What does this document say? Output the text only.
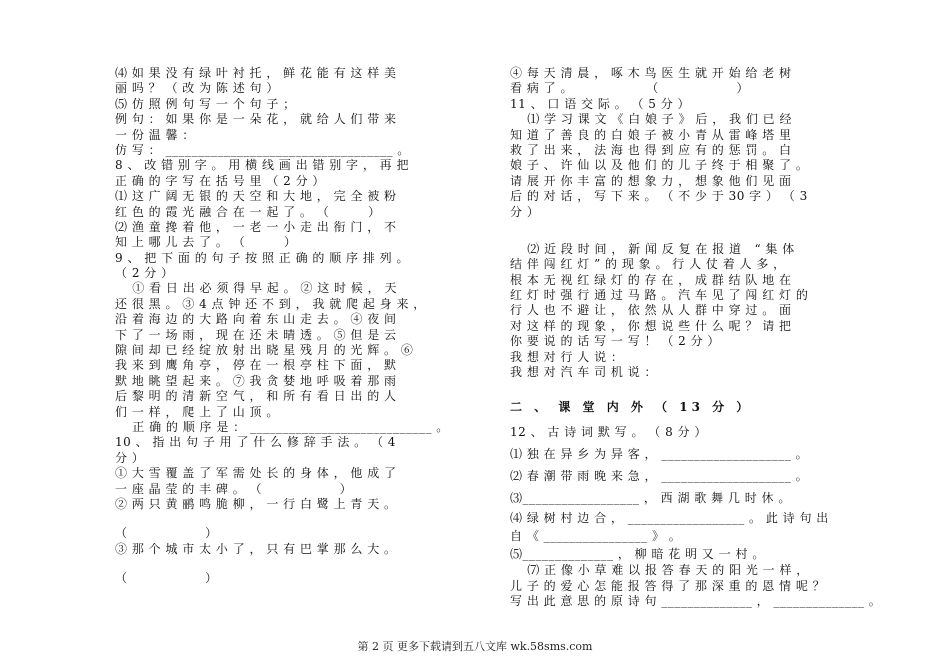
⑷ 如 果 没 有 绿 叶 衬 托 ， 鲜 花 能 有 这 样 美
丽 吗 ？ （ 改 为 陈 述 句 ）
⑸ 仿 照 例 句 写 一 个 句 子 ；
例 句 ： 如 果 你 是 一 朵 花 ， 就 给 人 们 带 来
一 份 温 馨 ：
仿 写 ： ___________________________________ 。
8 、 改 错 别 字 。 用 横 线 画 出 错 别 字 ， 再 把
正 确 的 字 写 在 括 号 里 （ 2 分 ）
⑴ 这 广 阔 无 银 的 天 空 和 大 地 ， 完 全 被 粉
红 色 的 霞 光 融 合 在 一 起 了 。 （         ）
⑵ 渔 童 搀 着 他 ， 一 老 一 小 走 出 衔 门 ， 不
知 上 哪 儿 去 了 。 （         ）
9 、 把 下 面 的 句 子 按 照 正 确 的 顺 序 排 列 。
（ 2 分 ）
① 看 日 出 必 须 得 早 起 。 ② 这 时 候 ， 天
还 很 黑 。 ③ 4 点 钟 还 不 到 ， 我 就 爬 起 身 来 ，
沿 着 海 边 的 大 路 向 着 东 山 走 去 。 ④ 夜 间
下 了 一 场 雨 ， 现 在 还 未 晴 透 。 ⑤ 但 是 云
隙 间 却 已 经 绽 放 射 出 晓 星 残 月 的 光 辉 。 ⑥
我 来 到 鹰 角 亭 ， 停 在 一 根 亭 柱 下 面 ， 默
默 地 眺 望 起 来 。 ⑦ 我 贪 婪 地 呼 吸 着 那 雨
后 黎 明 的 清 新 空 气 ， 和 所 有 看 日 出 的 人
们 一 样 ， 爬 上 了 山 顶 。
正 确 的 顺 序 是 ： ____________________________ 。
10 、 指 出 句 子 用 了 什 么 修 辞 手 法 。 （ 4
分 ）
① 大 雪 覆 盖 了 军 需 处 长 的 身 体 ， 他 成 了
一 座 晶 莹 的 丰 碑 。 （                  ）
② 两 只 黄 鹂 鸣 脆 柳 ， 一 行 白 鹭 上 青 天 。
（                  ）
③ 那 个 城 市 太 小 了 ， 只 有 巴 掌 那 么 大 。
（                  ）
④ 每 天 清 晨 ， 啄 木 鸟 医 生 就 开 始 给 老 树
看 病 了 。                 （                  ）
11 、 口 语 交 际 。 （ 5 分 ）
⑴ 学 习 课 文 《 白 娘 子 》 后 ， 我 们 已 经
知 道 了 善 良 的 白 娘 子 被 小 青 从 雷 峰 塔 里
救 了 出 来 ， 法 海 也 得 到 应 有 的 惩 罚 。 白
娘 子 、 许 仙 以 及 他 们 的 儿 子 终 于 相 聚 了 。
请 展 开 你 丰 富 的 想 象 力 ， 想 象 他 们 见 面
后 的 对 话 ， 写 下 来 。 （ 不 少 于 30 字 ） （ 3
分 ）
⑵ 近 段 时 间 ， 新 闻 反 复 在 报 道   “ 集 体
结 伴 闯 红 灯 ” 的 现 象 。 行 人 仗 着 人 多 ，
根 本 无 视 红 绿 灯 的 存 在 ， 成 群 结 队 地 在
红 灯 时 强 行 通 过 马 路 。 汽 车 见 了 闯 红 灯 的
行 人 也 不 避 让 ， 依 然 从 人 群 中 穿 过 。 面
对 这 样 的 现 象 ， 你 想 说 些 什 么 呢 ？ 请 把
你 要 说 的 话 写 一 写 ！ （ 2 分 ）
我 想 对 行 人 说 ：
我 想 对 汽 车 司 机 说 ：
二 、 课 堂 内 外 （ 13 分 ）
12 、 古 诗 词 默 写 。 （ 8 分 ）
⑴ 独 在 异 乡 为 异 客 ， ____________________ 。
⑵ 春 潮 带 雨 晚 来 急 ， ____________________ 。
⑶__________________ ， 西 湖 歌 舞 几 时 休 。
⑷ 绿 树 村 边 合 ， __________________ 。 此 诗 句 出
自 《 ________________ 》 。
⑸______________ ， 柳 暗 花 明 又 一 村 。
⑺ 正 像 小 草 难 以 报 答 春 天 的 阳 光 一 样 ，
儿 子 的 爱 心 怎 能 报 答 得 了 那 深 重 的 恩 情 呢 ？
写 出 此 意 思 的 原 诗 句 ______________ ， ______________ 。
第 2 页 更多下载请到五八文库 wk.58sms.com
